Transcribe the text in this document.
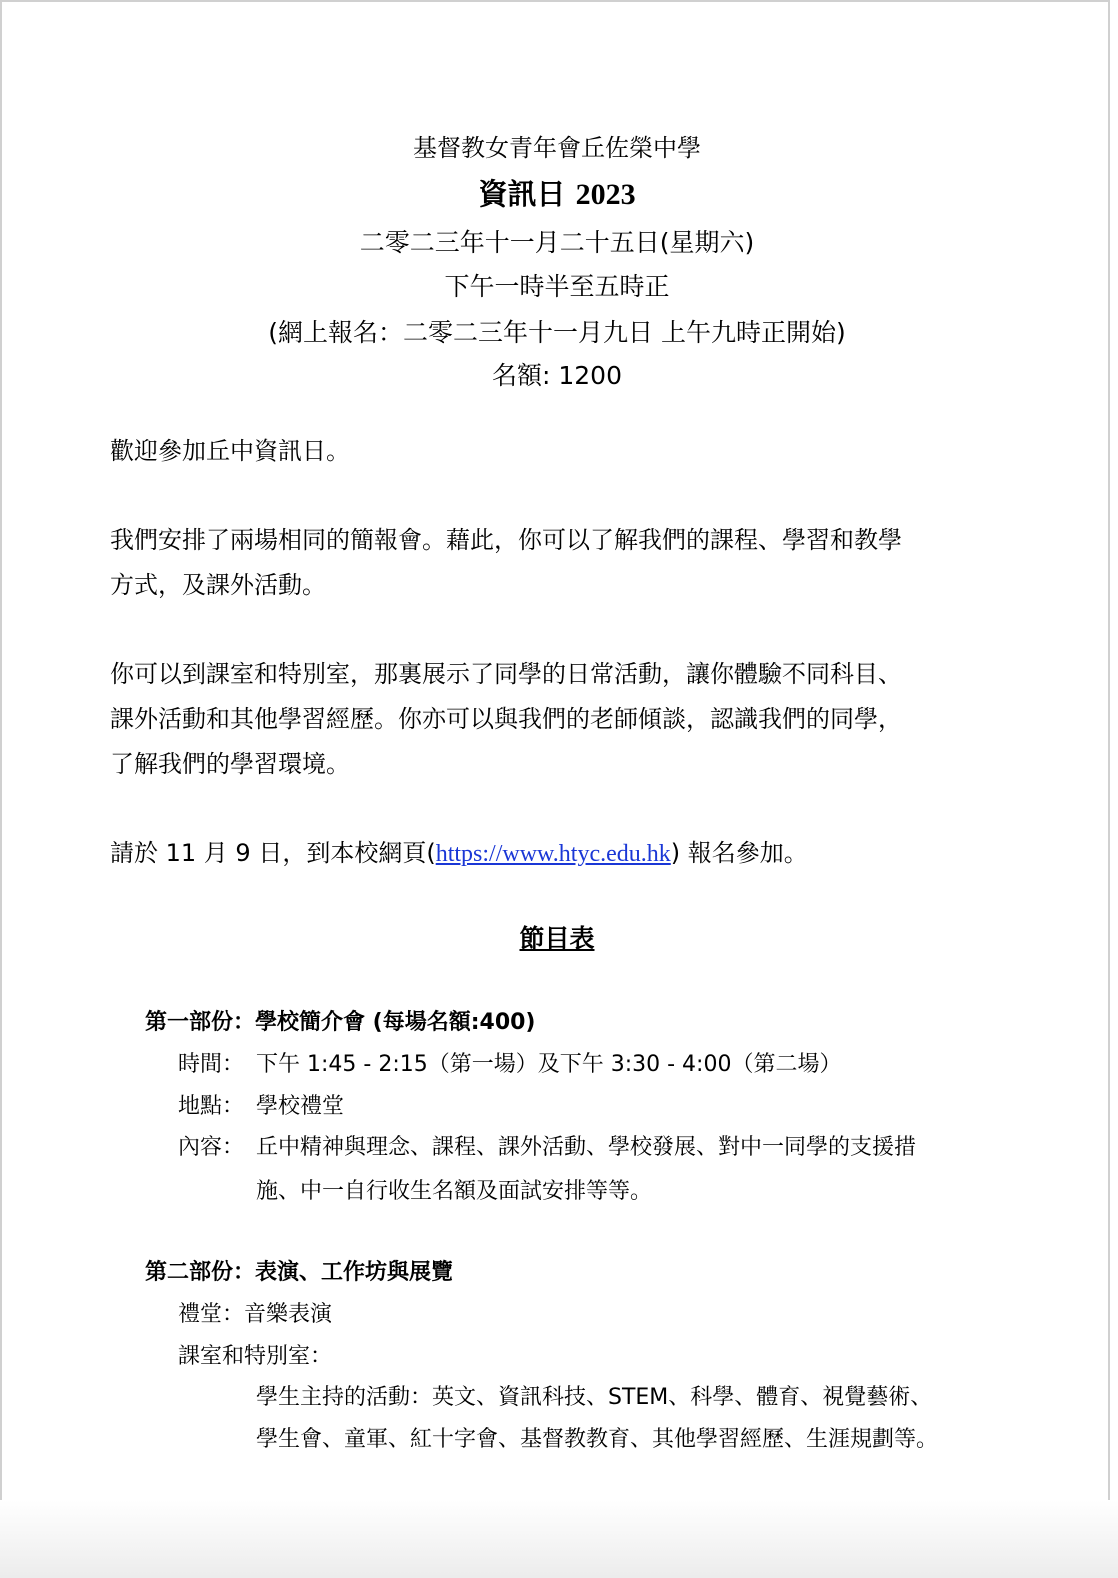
基督教女青年會丘佐榮中學
資訊日 2023
二零二三年十一月二十五日(星期六)
下午一時半至五時正
(網上報名：二零二三年十一月九日 上午九時正開始)
名額: 1200
歡迎參加丘中資訊日。
我們安排了兩場相同的簡報會。藉此，你可以了解我們的課程、學習和教學
方式，及課外活動。
你可以到課室和特別室，那裏展示了同學的日常活動，讓你體驗不同科目、
課外活動和其他學習經歷。你亦可以與我們的老師傾談，認識我們的同學，
了解我們的學習環境。
請於 11 月 9 日，到本校網頁(https://www.htyc.edu.hk) 報名參加。
節目表
第一部份：學校簡介會 (每場名額:400)
時間： 下午 1:45 - 2:15（第一場）及下午 3:30 - 4:00（第二場）
地點： 學校禮堂
內容： 丘中精神與理念、課程、課外活動、學校發展、對中一同學的支援措
施、中一自行收生名額及面試安排等等。
第二部份：表演、工作坊與展覽
禮堂：音樂表演
課室和特別室：
學生主持的活動：英文、資訊科技、STEM、科學、體育、視覺藝術、
學生會、童軍、紅十字會、基督教教育、其他學習經歷、生涯規劃等。
